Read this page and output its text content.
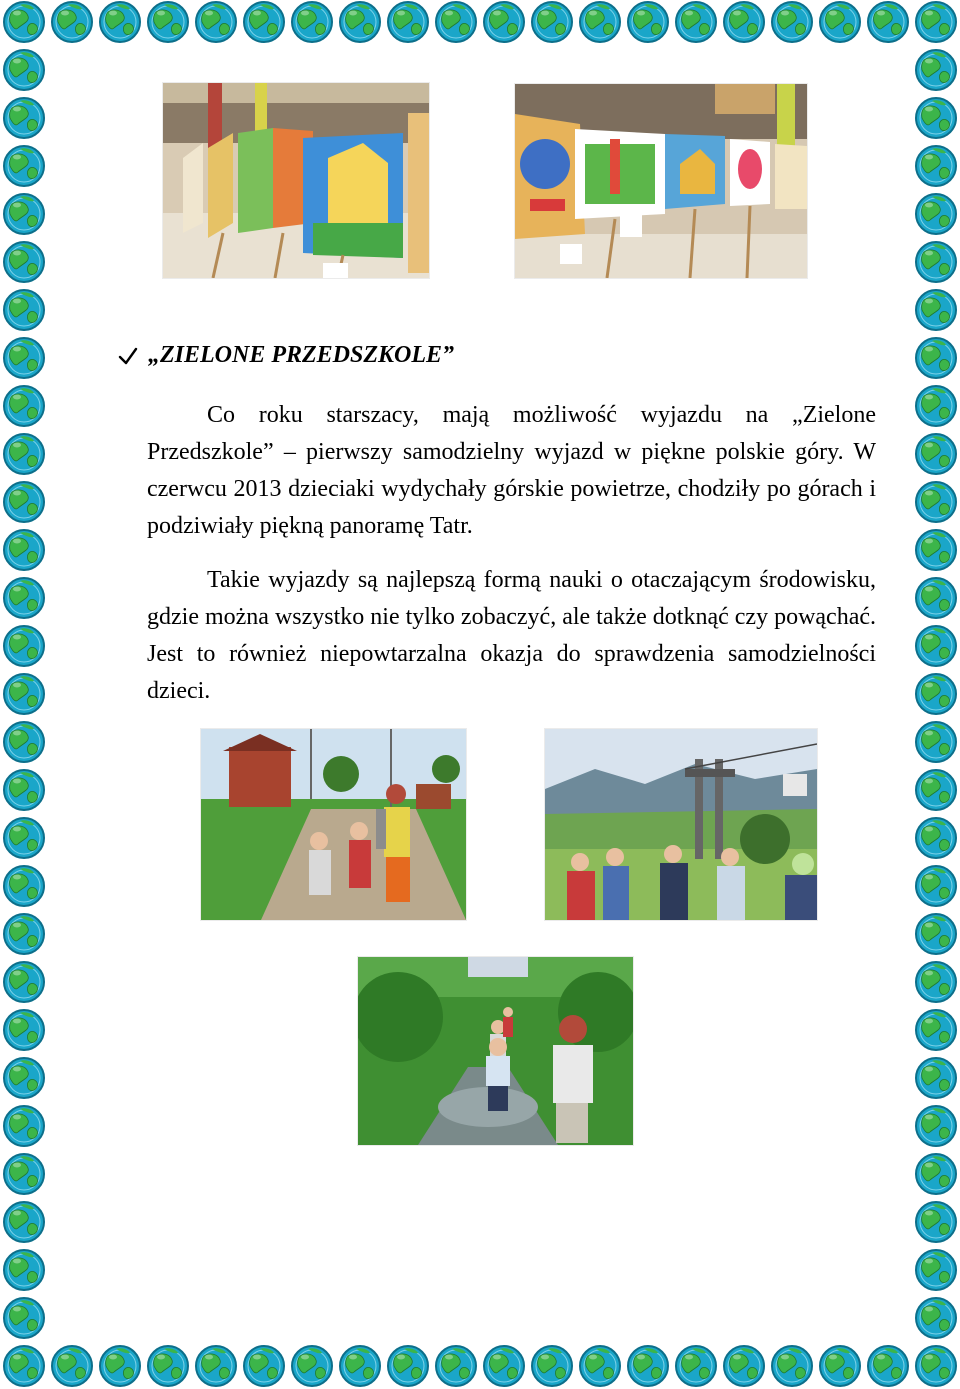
„ZIELONE PRZEDSZKOLE”

Co roku starszacy, mają możliwość wyjazdu na „Zielone Przedszkole” – pierwszy samodzielny wyjazd w piękne polskie góry. W czerwcu 2013 dzieciaki wydychały górskie powietrze, chodziły po górach i podziwiały piękną panoramę Tatr.

Takie wyjazdy są najlepszą formą nauki o otaczającym środowisku, gdzie można wszystko nie tylko zobaczyć, ale także dotknąć czy powąchać. Jest to również niepowtarzalna okazja do sprawdzenia samodzielności dzieci.
